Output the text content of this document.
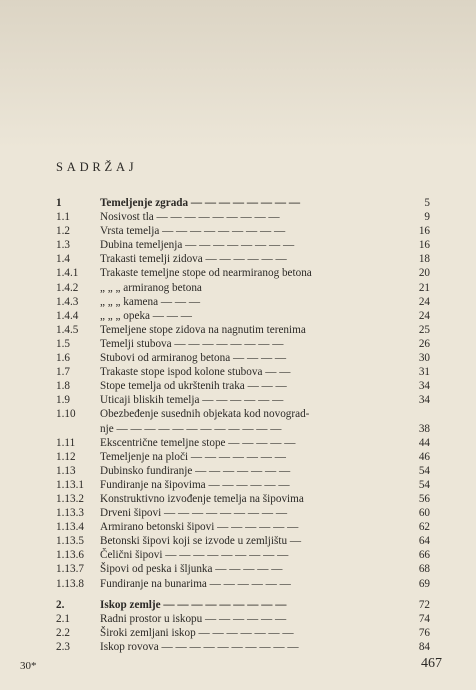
SADRŽAJ
1	Temeljenje zgrada — — — — — — — —	5
1.1	Nosivost tla — — — — — — — — —	9
1.2	Vrsta temelja — — — — — — — — —	16
1.3	Dubina temeljenja — — — — — — — —	16
1.4	Trakasti temelji zidova — — — — — —	18
1.4.1	Trakaste temeljne stope od nearmiranog betona	20
1.4.2	„ „ „ armiranog betona	21
1.4.3	„ „ „ kamena — — —	24
1.4.4	„ „ „ opeka — — —	24
1.4.5	Temeljene stope zidova na nagnutim terenima	25
1.5	Temelji stubova — — — — — — — —	26
1.6	Stubovi od armiranog betona — — — —	30
1.7	Trakaste stope ispod kolone stubova — —	31
1.8	Stope temelja od ukrštenih traka — — —	34
1.9	Uticaji bliskih temelja — — — — — —	34
1.10	Obezbeđenje susednih objekata kod novograd-
nje — — — — — — — — — — — —	38
1.11	Ekscentrične temeljne stope — — — — —	44
1.12	Temeljenje na ploči — — — — — — —	46
1.13	Dubinsko fundiranje — — — — — — —	54
1.13.1	Fundiranje na šipovima — — — — — —	54
1.13.2	Konstruktivno izvođenje temelja na šipovima	56
1.13.3	Drveni šipovi — — — — — — — — —	60
1.13.4	Armirano betonski šipovi — — — — — —	62
1.13.5	Betonski šipovi koji se izvode u zemljištu —	64
1.13.6	Čelični šipovi — — — — — — — — —	66
1.13.7	Šipovi od peska i šljunka — — — — —	68
1.13.8	Fundiranje na bunarima — — — — — —	69
2.	Iskop zemlje — — — — — — — — —	72
2.1	Radni prostor u iskopu — — — — — —	74
2.2	Široki zemljani iskop — — — — — — —	76
2.3	Iskop rovova — — — — — — — — — —	84
30*	467
